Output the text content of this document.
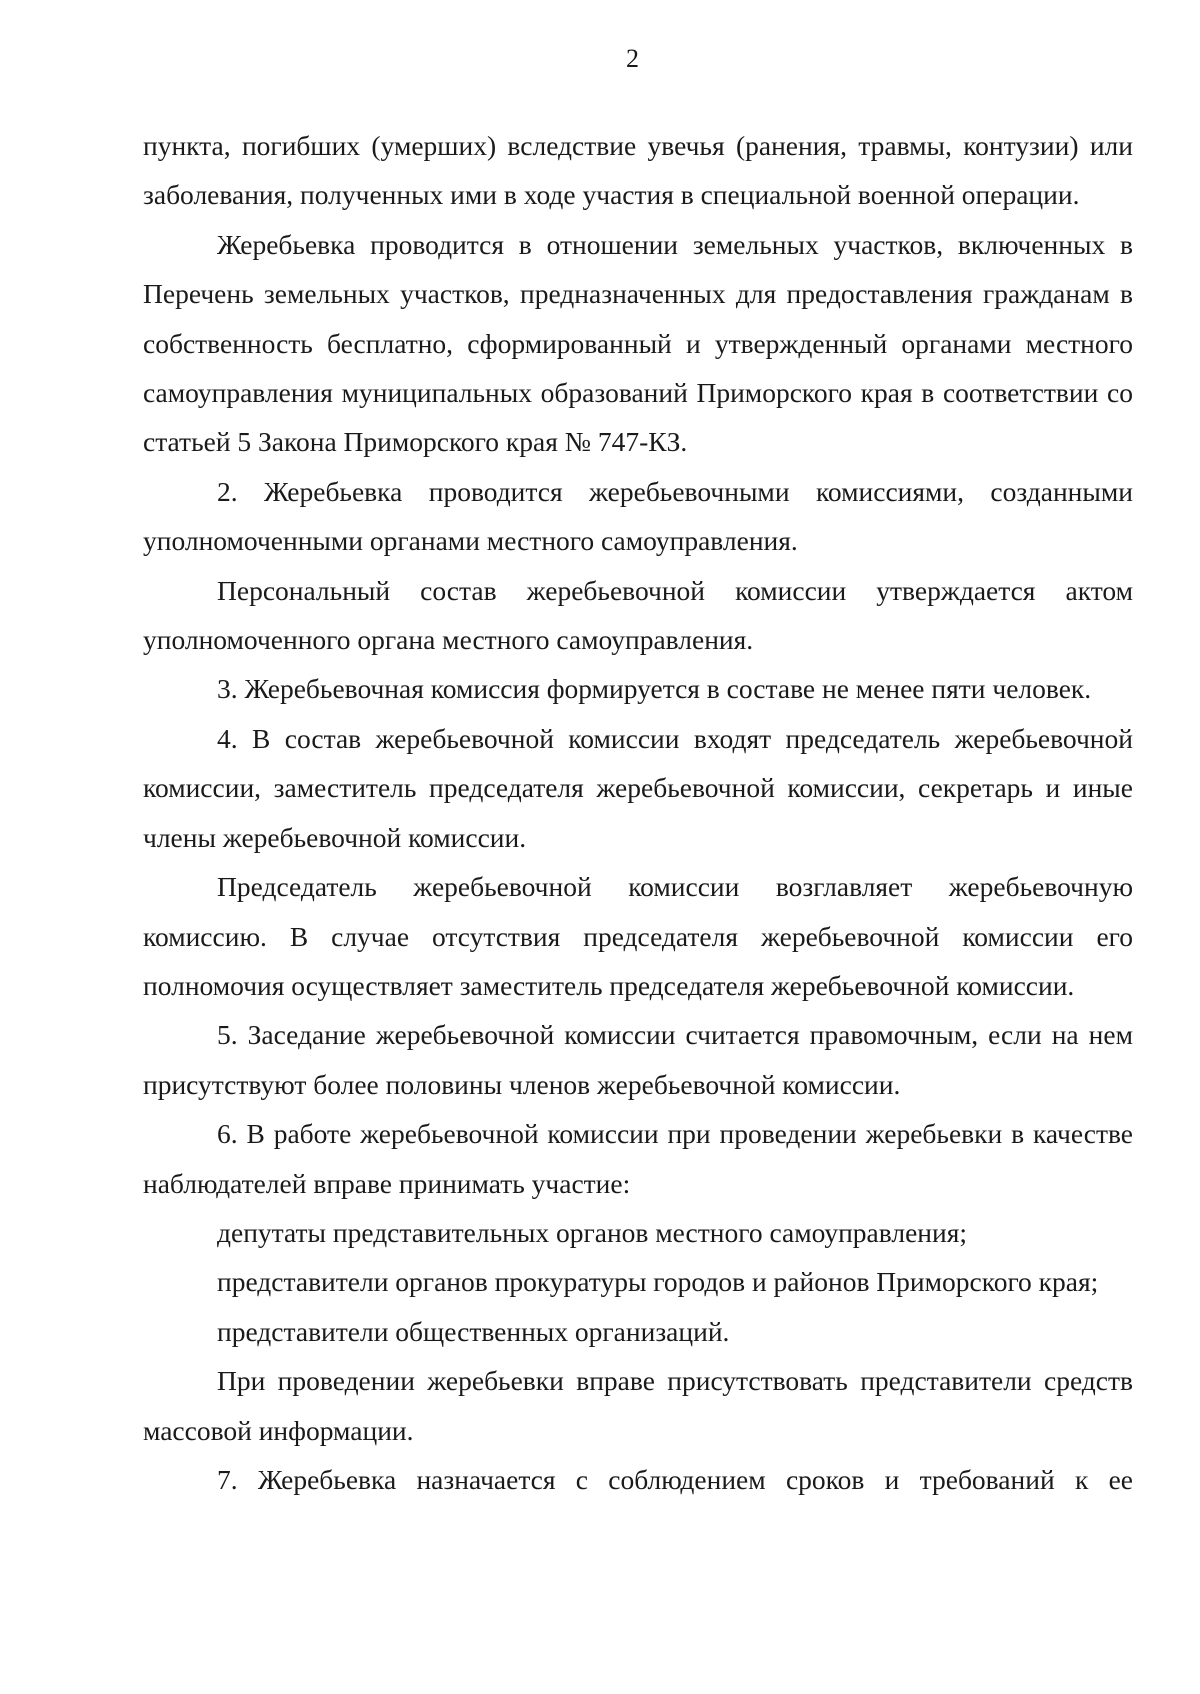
2

пункта, погибших (умерших) вследствие увечья (ранения, травмы, контузии) или заболевания, полученных ими в ходе участия в специальной военной операции.

Жеребьевка проводится в отношении земельных участков, включенных в Перечень земельных участков, предназначенных для предоставления гражданам в собственность бесплатно, сформированный и утвержденный органами местного самоуправления муниципальных образований Приморского края в соответствии со статьей 5 Закона Приморского края № 747-КЗ.

2. Жеребьевка проводится жеребьевочными комиссиями, созданными уполномоченными органами местного самоуправления.

Персональный состав жеребьевочной комиссии утверждается актом уполномоченного органа местного самоуправления.

3. Жеребьевочная комиссия формируется в составе не менее пяти человек.

4. В состав жеребьевочной комиссии входят председатель жеребьевочной комиссии, заместитель председателя жеребьевочной комиссии, секретарь и иные члены жеребьевочной комиссии.

Председатель жеребьевочной комиссии возглавляет жеребьевочную комиссию. В случае отсутствия председателя жеребьевочной комиссии его полномочия осуществляет заместитель председателя жеребьевочной комиссии.

5. Заседание жеребьевочной комиссии считается правомочным, если на нем присутствуют более половины членов жеребьевочной комиссии.

6. В работе жеребьевочной комиссии при проведении жеребьевки в качестве наблюдателей вправе принимать участие:

депутаты представительных органов местного самоуправления;

представители органов прокуратуры городов и районов Приморского края;

представители общественных организаций.

При проведении жеребьевки вправе присутствовать представители средств массовой информации.

7. Жеребьевка назначается с соблюдением сроков и требований к ее
